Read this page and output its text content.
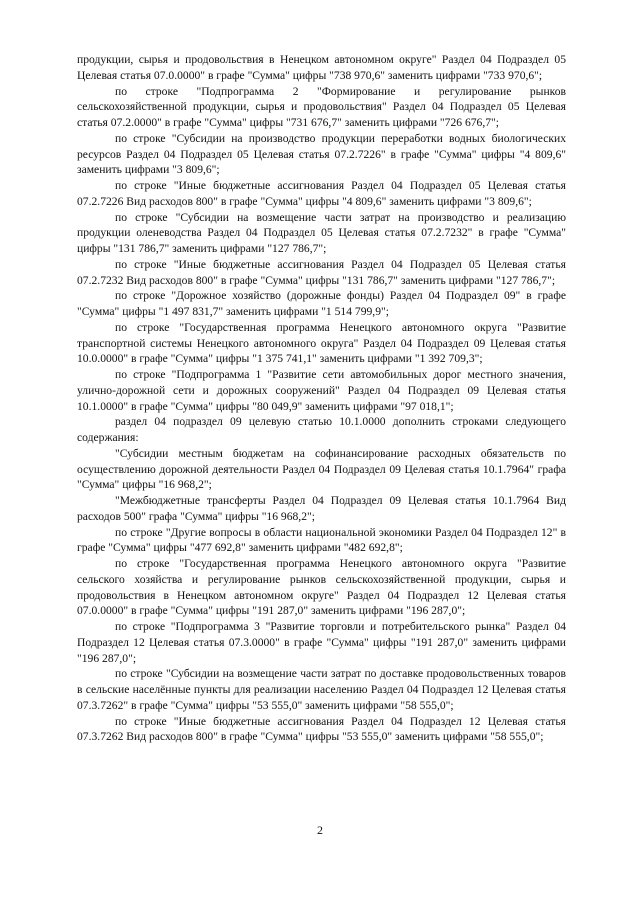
продукции, сырья и продовольствия в Ненецком автономном округе" Раздел 04 Подраздел 05 Целевая статья 07.0.0000" в графе "Сумма" цифры "738 970,6" заменить цифрами "733 970,6";

по строке "Подпрограмма 2 "Формирование и регулирование рынков сельскохозяйственной продукции, сырья и продовольствия" Раздел 04 Подраздел 05 Целевая статья 07.2.0000" в графе "Сумма" цифры "731 676,7" заменить цифрами "726 676,7";

по строке "Субсидии на производство продукции переработки водных биологических ресурсов Раздел 04 Подраздел 05 Целевая статья 07.2.7226" в графе "Сумма" цифры "4 809,6" заменить цифрами "3 809,6";

по строке "Иные бюджетные ассигнования Раздел 04 Подраздел 05 Целевая статья 07.2.7226 Вид расходов 800" в графе "Сумма" цифры "4 809,6" заменить цифрами "3 809,6";

по строке "Субсидии на возмещение части затрат на производство и реализацию продукции оленеводства Раздел 04 Подраздел 05 Целевая статья 07.2.7232" в графе "Сумма" цифры "131 786,7" заменить цифрами "127 786,7";

по строке "Иные бюджетные ассигнования Раздел 04 Подраздел 05 Целевая статья 07.2.7232 Вид расходов 800" в графе "Сумма" цифры "131 786,7" заменить цифрами "127 786,7";

по строке "Дорожное хозяйство (дорожные фонды) Раздел 04 Подраздел 09" в графе "Сумма" цифры "1 497 831,7" заменить цифрами "1 514 799,9";

по строке "Государственная программа Ненецкого автономного округа "Развитие транспортной системы Ненецкого автономного округа" Раздел 04 Подраздел 09 Целевая статья 10.0.0000" в графе "Сумма" цифры "1 375 741,1" заменить цифрами "1 392 709,3";

по строке "Подпрограмма 1 "Развитие сети автомобильных дорог местного значения, улично-дорожной сети и дорожных сооружений" Раздел 04 Подраздел 09 Целевая статья 10.1.0000" в графе "Сумма" цифры "80 049,9" заменить цифрами "97 018,1";

раздел 04 подраздел 09 целевую статью 10.1.0000 дополнить строками следующего содержания:

"Субсидии местным бюджетам на софинансирование расходных обязательств по осуществлению дорожной деятельности Раздел 04 Подраздел 09 Целевая статья 10.1.7964" графа "Сумма" цифры "16 968,2";

"Межбюджетные трансферты Раздел 04 Подраздел 09 Целевая статья 10.1.7964 Вид расходов 500" графа "Сумма" цифры "16 968,2";

по строке "Другие вопросы в области национальной экономики Раздел 04 Подраздел 12" в графе "Сумма" цифры "477 692,8" заменить цифрами "482 692,8";

по строке "Государственная программа Ненецкого автономного округа "Развитие сельского хозяйства и регулирование рынков сельскохозяйственной продукции, сырья и продовольствия в Ненецком автономном округе" Раздел 04 Подраздел 12 Целевая статья 07.0.0000" в графе "Сумма" цифры "191 287,0" заменить цифрами "196 287,0";

по строке "Подпрограмма 3 "Развитие торговли и потребительского рынка" Раздел 04 Подраздел 12 Целевая статья 07.3.0000" в графе "Сумма" цифры "191 287,0" заменить цифрами "196 287,0";

по строке "Субсидии на возмещение части затрат по доставке продовольственных товаров в сельские населённые пункты для реализации населению Раздел 04 Подраздел 12 Целевая статья 07.3.7262" в графе "Сумма" цифры "53 555,0" заменить цифрами "58 555,0";

по строке "Иные бюджетные ассигнования Раздел 04 Подраздел 12 Целевая статья 07.3.7262 Вид расходов 800" в графе "Сумма" цифры "53 555,0" заменить цифрами "58 555,0";

2
